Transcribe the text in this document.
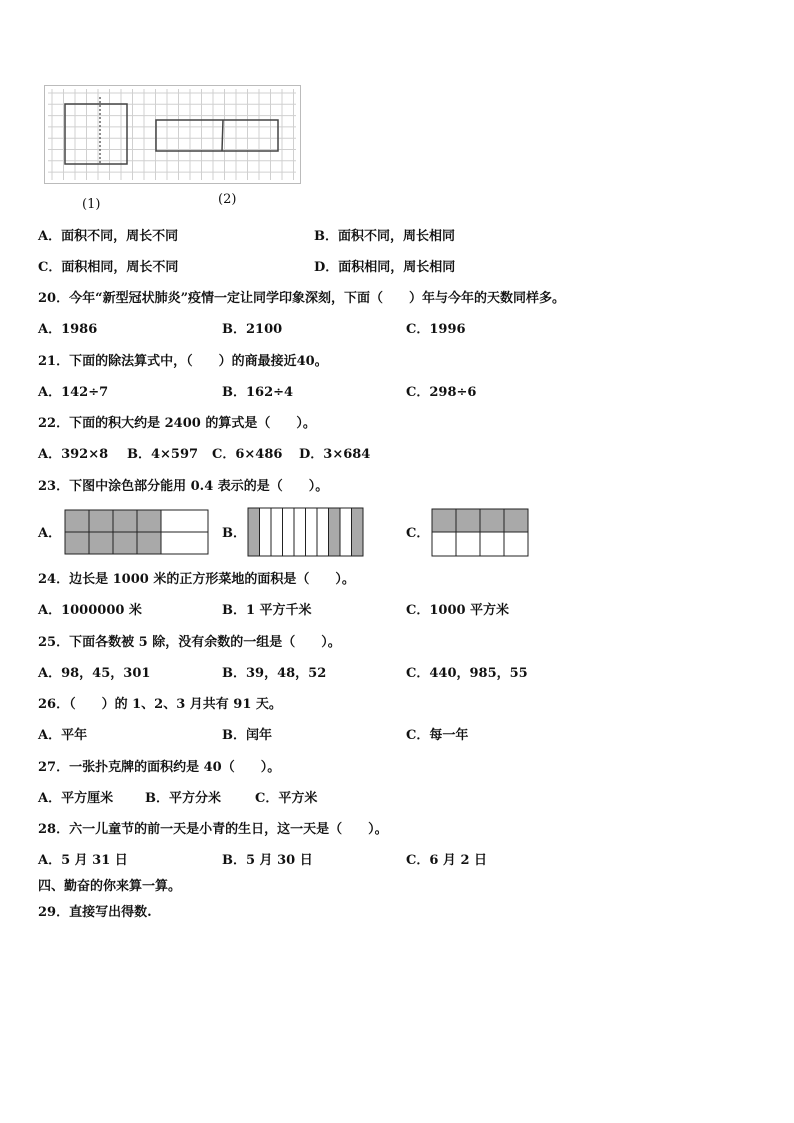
(1)	(2)
A．面积不同，周长不同	B．面积不同，周长相同
C．面积相同，周长不同	D．面积相同，周长相同
20．今年“新型冠状肺炎”疫情一定让同学印象深刻，下面（　　）年与今年的天数同样多。
A．1986	B．2100	C．1996
21．下面的除法算式中，（　　）的商最接近40。
A．142÷7	B．162÷4	C．298÷6
22．下面的积大约是 2400 的算式是（　　）。
A．392×8 B．4×597 C．6×486 D．3×684
23．下图中涂色部分能用 0.4 表示的是（　　）。
A．	B．	C．
24．边长是 1000 米的正方形菜地的面积是（　　）。
A．1000000 米	B．1 平方千米	C．1000 平方米
25．下面各数被 5 除，没有余数的一组是（　　）。
A．98，45，301	B．39，48，52	C．440，985，55
26．（　　）的 1、2、3 月共有 91 天。
A．平年	B．闰年	C．每一年
27．一张扑克牌的面积约是 40（　　）。
A．平方厘米 B．平方分米	C．平方米
28．六一儿童节的前一天是小青的生日，这一天是（　　）。
A．5 月 31 日	B．5 月 30 日	C．6 月 2 日
四、勤奋的你来算一算。
29．直接写出得数.
